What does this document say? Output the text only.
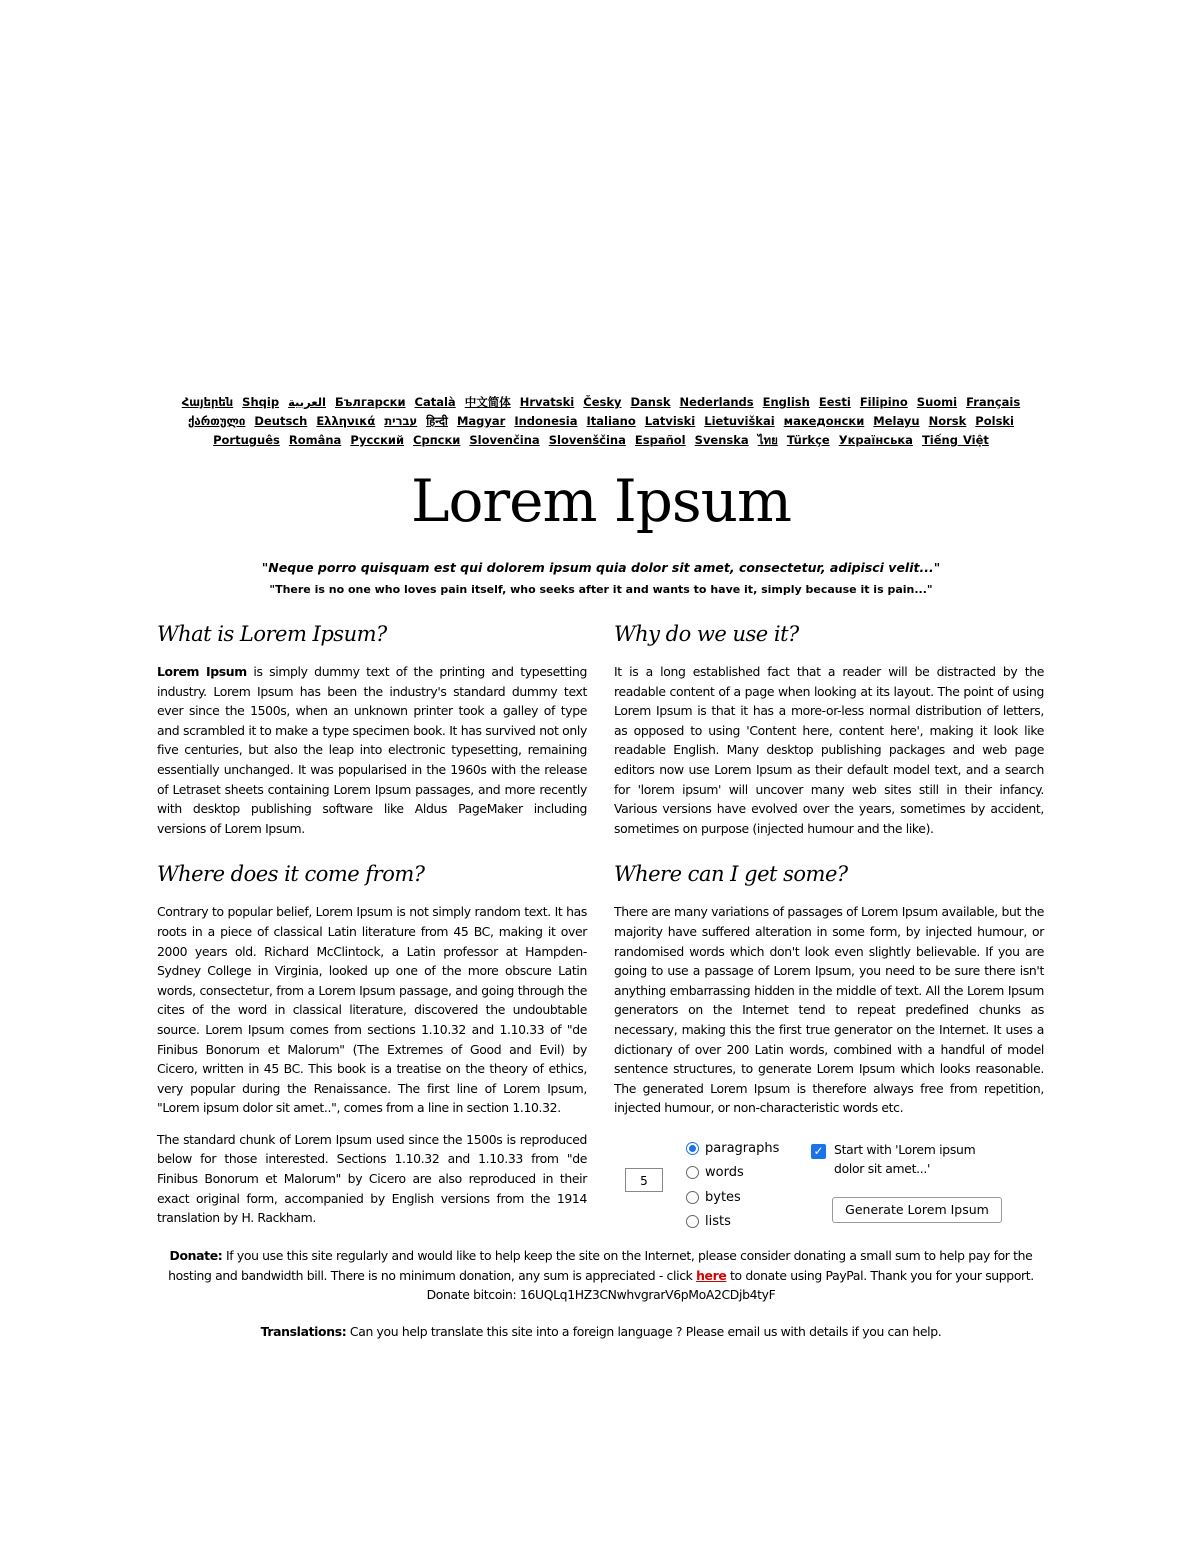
Հայերեն Shqip العربية Български Català 中文简体 Hrvatski Česky Dansk Nederlands English Eesti Filipino Suomi Français ქართული Deutsch Ελληνικά עברית हिन्दी Magyar Indonesia Italiano Latviski Lietuviškai македонски Melayu Norsk Polski Português Româna Pyccкий Српски Slovenčina Slovenščina Español Svenska ไทย Türkçe Українська Tiếng Việt
Lorem Ipsum
"Neque porro quisquam est qui dolorem ipsum quia dolor sit amet, consectetur, adipisci velit..."
"There is no one who loves pain itself, who seeks after it and wants to have it, simply because it is pain..."
What is Lorem Ipsum?

Lorem Ipsum is simply dummy text of the printing and typesetting industry. Lorem Ipsum has been the industry's standard dummy text ever since the 1500s, when an unknown printer took a galley of type and scrambled it to make a type specimen book. It has survived not only five centuries, but also the leap into electronic typesetting, remaining essentially unchanged. It was popularised in the 1960s with the release of Letraset sheets containing Lorem Ipsum passages, and more recently with desktop publishing software like Aldus PageMaker including versions of Lorem Ipsum.

Where does it come from?

Contrary to popular belief, Lorem Ipsum is not simply random text. It has roots in a piece of classical Latin literature from 45 BC, making it over 2000 years old. Richard McClintock, a Latin professor at Hampden-Sydney College in Virginia, looked up one of the more obscure Latin words, consectetur, from a Lorem Ipsum passage, and going through the cites of the word in classical literature, discovered the undoubtable source. Lorem Ipsum comes from sections 1.10.32 and 1.10.33 of "de Finibus Bonorum et Malorum" (The Extremes of Good and Evil) by Cicero, written in 45 BC. This book is a treatise on the theory of ethics, very popular during the Renaissance. The first line of Lorem Ipsum, "Lorem ipsum dolor sit amet..", comes from a line in section 1.10.32.

The standard chunk of Lorem Ipsum used since the 1500s is reproduced below for those interested. Sections 1.10.32 and 1.10.33 from "de Finibus Bonorum et Malorum" by Cicero are also reproduced in their exact original form, accompanied by English versions from the 1914 translation by H. Rackham.

Why do we use it?

It is a long established fact that a reader will be distracted by the readable content of a page when looking at its layout. The point of using Lorem Ipsum is that it has a more-or-less normal distribution of letters, as opposed to using 'Content here, content here', making it look like readable English. Many desktop publishing packages and web page editors now use Lorem Ipsum as their default model text, and a search for 'lorem ipsum' will uncover many web sites still in their infancy. Various versions have evolved over the years, sometimes by accident, sometimes on purpose (injected humour and the like).

Where can I get some?

There are many variations of passages of Lorem Ipsum available, but the majority have suffered alteration in some form, by injected humour, or randomised words which don't look even slightly believable. If you are going to use a passage of Lorem Ipsum, you need to be sure there isn't anything embarrassing hidden in the middle of text. All the Lorem Ipsum generators on the Internet tend to repeat predefined chunks as necessary, making this the first true generator on the Internet. It uses a dictionary of over 200 Latin words, combined with a handful of model sentence structures, to generate Lorem Ipsum which looks reasonable. The generated Lorem Ipsum is therefore always free from repetition, injected humour, or non-characteristic words etc.

5
paragraphs
words
bytes
lists
✓ Start with 'Lorem ipsum dolor sit amet...'
Generate Lorem Ipsum
Donate: If you use this site regularly and would like to help keep the site on the Internet, please consider donating a small sum to help pay for the hosting and bandwidth bill. There is no minimum donation, any sum is appreciated - click here to donate using PayPal. Thank you for your support. Donate bitcoin: 16UQLq1HZ3CNwhvgrarV6pMoA2CDjb4tyF
Translations: Can you help translate this site into a foreign language ? Please email us with details if you can help.
